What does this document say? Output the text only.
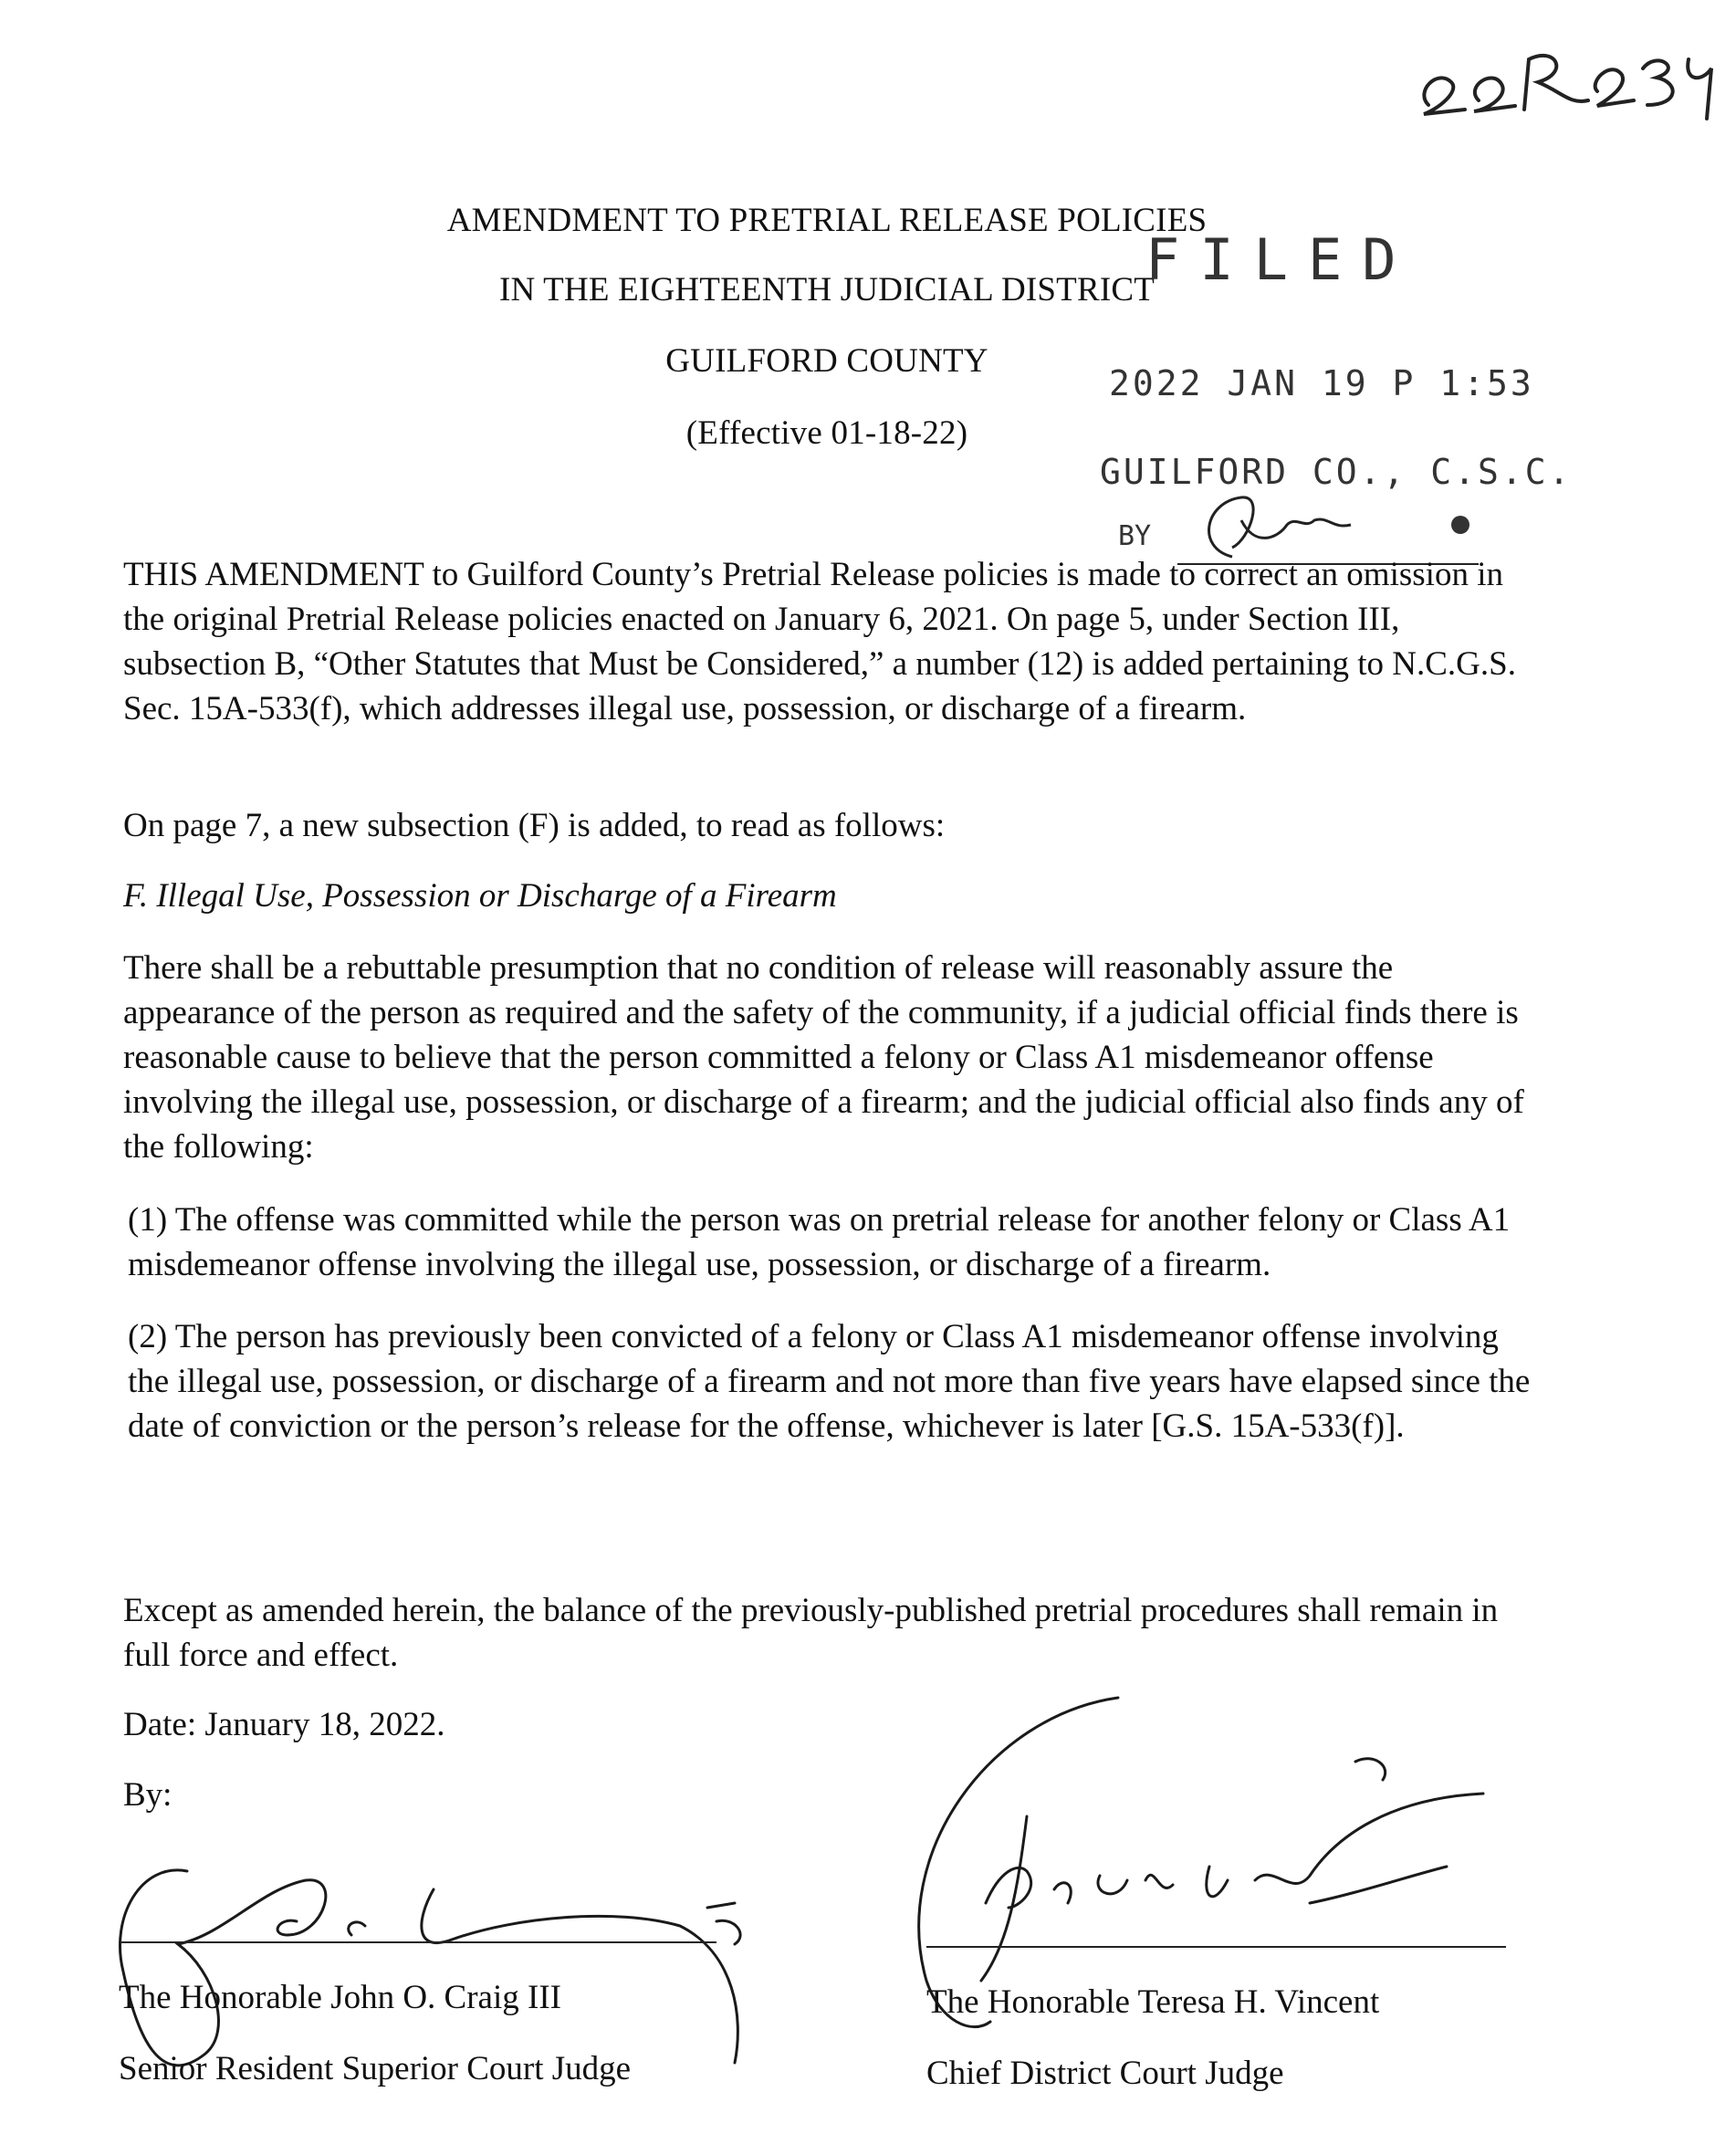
AMENDMENT TO PRETRIAL RELEASE POLICIES
IN THE EIGHTEENTH JUDICIAL DISTRICT
GUILFORD COUNTY
(Effective 01-18-22)
FILED
2022 JAN 19 P 1:53
GUILFORD CO., C.S.C.
BY
THIS AMENDMENT to Guilford County’s Pretrial Release policies is made to correct an omission in the original Pretrial Release policies enacted on January 6, 2021. On page 5, under Section III, subsection B, “Other Statutes that Must be Considered,” a number (12) is added pertaining to N.C.G.S. Sec. 15A-533(f), which addresses illegal use, possession, or discharge of a firearm.
On page 7, a new subsection (F) is added, to read as follows:
F. Illegal Use, Possession or Discharge of a Firearm
There shall be a rebuttable presumption that no condition of release will reasonably assure the appearance of the person as required and the safety of the community, if a judicial official finds there is reasonable cause to believe that the person committed a felony or Class A1 misdemeanor offense involving the illegal use, possession, or discharge of a firearm; and the judicial official also finds any of the following:
(1) The offense was committed while the person was on pretrial release for another felony or Class A1 misdemeanor offense involving the illegal use, possession, or discharge of a firearm.
(2) The person has previously been convicted of a felony or Class A1 misdemeanor offense involving the illegal use, possession, or discharge of a firearm and not more than five years have elapsed since the date of conviction or the person’s release for the offense, whichever is later [G.S. 15A-533(f)].
Except as amended herein, the balance of the previously-published pretrial procedures shall remain in full force and effect.
Date: January 18, 2022.
By:
The Honorable John O. Craig III
Senior Resident Superior Court Judge
The Honorable Teresa H. Vincent
Chief District Court Judge
